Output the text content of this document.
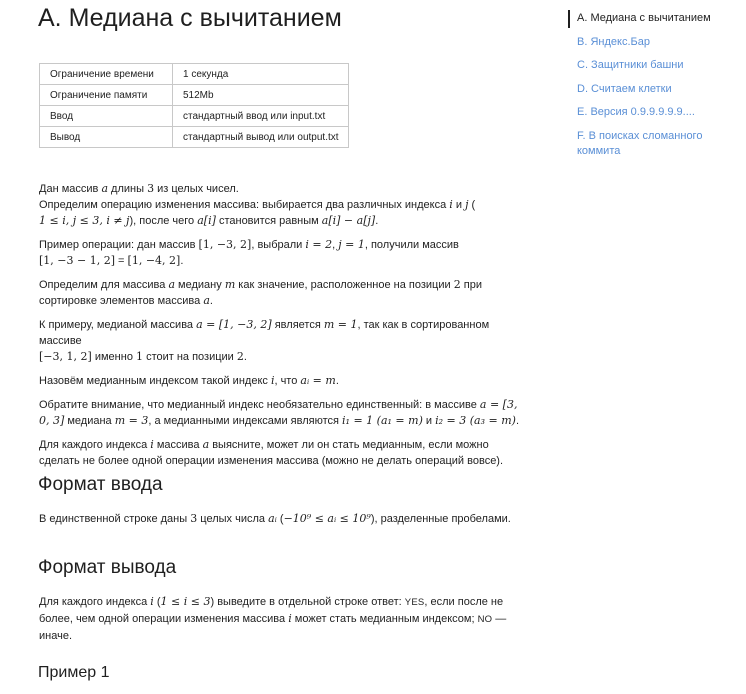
А. Медиана с вычитанием
Ограничение времени	1 секунда
Ограничение памяти	512Mb
Ввод	стандартный ввод или input.txt
Вывод	стандартный вывод или output.txt

Дан массив a длины 3 из целых чисел.
Определим операцию изменения массива: выбирается два различных индекса i и j (
1 ≤ i, j ≤ 3, i ≠ j), после чего a[i] становится равным a[i] − a[j].

Пример операции: дан массив [1, −3, 2], выбрали i = 2, j = 1, получили массив
[1, −3 − 1, 2] = [1, −4, 2].

Определим для массива a медиану m как значение, расположенное на позиции 2 при сортировке элементов массива a.

К примеру, медианой массива a = [1, −3, 2] является m = 1, так как в сортированном массиве
[−3, 1, 2] именно 1 стоит на позиции 2.

Назовём медианным индексом такой индекс i, что aᵢ = m.

Обратите внимание, что медианный индекс необязательно единственный: в массиве a = [3, 0, 3] медиана m = 3, а медианными индексами являются i₁ = 1 (a₁ = m) и i₂ = 3 (a₃ = m).

Для каждого индекса i массива a выясните, может ли он стать медианным, если можно сделать не более одной операции изменения массива (можно не делать операций вовсе).

Формат ввода

В единственной строке даны 3 целых числа aᵢ (−10⁹ ≤ aᵢ ≤ 10⁹), разделенные пробелами.

Формат вывода

Для каждого индекса i (1 ≤ i ≤ 3) выведите в отдельной строке ответ: YES, если после не более, чем одной операции изменения массива i может стать медианным индексом; NO — иначе.

Пример 1
А. Медиана с вычитанием
B. Яндекс.Бар
C. Защитники башни
D. Считаем клетки
E. Версия 0.9.9.9.9.9....
F. В поисках сломанного коммита
